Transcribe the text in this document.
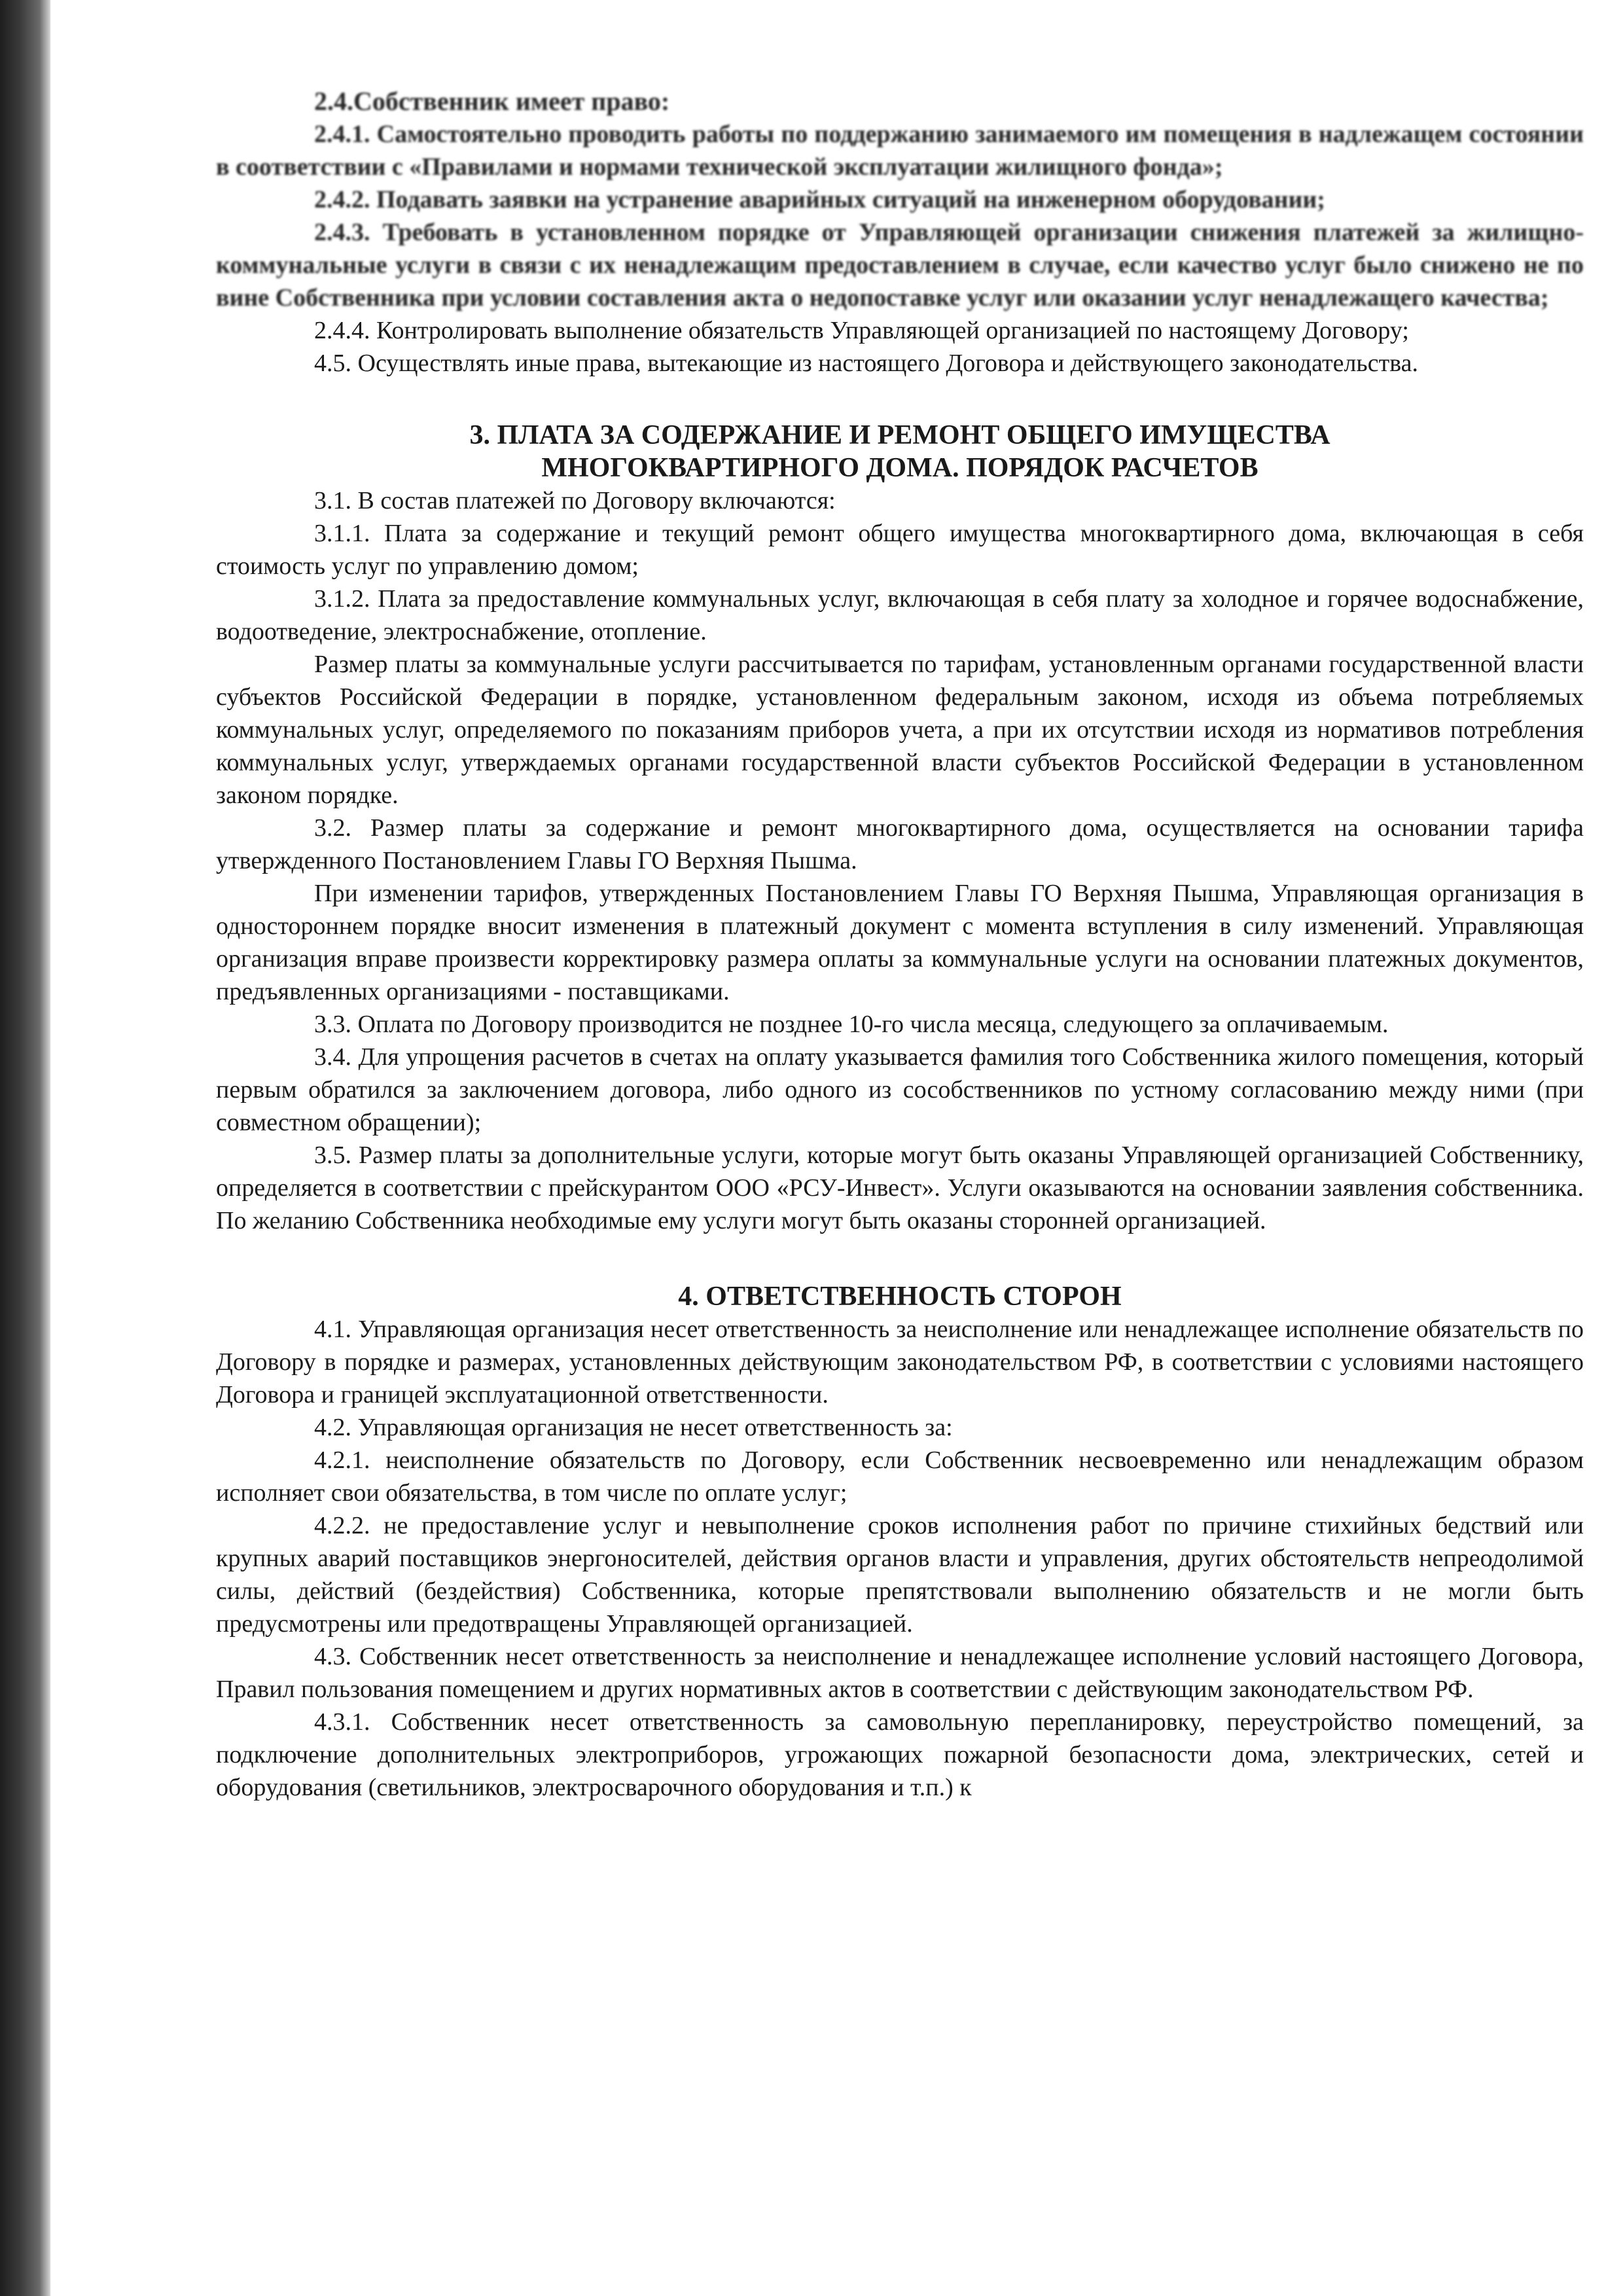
2.4.Собственник имеет право:

2.4.1. Самостоятельно проводить работы по поддержанию занимаемого им помещения в надлежащем состоянии в соответствии с «Правилами и нормами технической эксплуатации жилищного фонда»;

2.4.2. Подавать заявки на устранение аварийных ситуаций на инженерном оборудовании;

2.4.3. Требовать в установленном порядке от Управляющей организации снижения платежей за жилищно-коммунальные услуги в связи с их ненадлежащим предоставлением в случае, если качество услуг было снижено не по вине Собственника при условии составления акта о недопоставке услуг или оказании услуг ненадлежащего качества;

2.4.4. Контролировать выполнение обязательств Управляющей организацией по настоящему Договору;

4.5. Осуществлять иные права, вытекающие из настоящего Договора и действующего законодательства.

3. ПЛАТА ЗА СОДЕРЖАНИЕ И РЕМОНТ ОБЩЕГО ИМУЩЕСТВА
МНОГОКВАРТИРНОГО ДОМА. ПОРЯДОК РАСЧЕТОВ

3.1. В состав платежей по Договору включаются:

3.1.1. Плата за содержание и текущий ремонт общего имущества многоквартирного дома, включающая в себя стоимость услуг по управлению домом;

3.1.2. Плата за предоставление коммунальных услуг, включающая в себя плату за холодное и горячее водоснабжение, водоотведение, электроснабжение, отопление.

Размер платы за коммунальные услуги рассчитывается по тарифам, установленным органами государственной власти субъектов Российской Федерации в порядке, установленном федеральным законом, исходя из объема потребляемых коммунальных услуг, определяемого по показаниям приборов учета, а при их отсутствии исходя из нормативов потребления коммунальных услуг, утверждаемых органами государственной власти субъектов Российской Федерации в установленном законом порядке.

3.2. Размер платы за содержание и ремонт многоквартирного дома, осуществляется на основании тарифа утвержденного Постановлением Главы ГО Верхняя Пышма.

При изменении тарифов, утвержденных Постановлением Главы ГО Верхняя Пышма, Управляющая организация в одностороннем порядке вносит изменения в платежный документ с момента вступления в силу изменений. Управляющая организация вправе произвести корректировку размера оплаты за коммунальные услуги на основании платежных документов, предъявленных организациями - поставщиками.

3.3. Оплата по Договору производится не позднее 10-го числа месяца, следующего за оплачиваемым.

3.4. Для упрощения расчетов в счетах на оплату указывается фамилия того Собственника жилого помещения, который первым обратился за заключением договора, либо одного из сособственников по устному согласованию между ними (при совместном обращении);

3.5. Размер платы за дополнительные услуги, которые могут быть оказаны Управляющей организацией Собственнику, определяется в соответствии с прейскурантом ООО «РСУ-Инвест». Услуги оказываются на основании заявления собственника. По желанию Собственника необходимые ему услуги могут быть оказаны сторонней организацией.

4. ОТВЕТСТВЕННОСТЬ СТОРОН

4.1. Управляющая организация несет ответственность за неисполнение или ненадлежащее исполнение обязательств по Договору в порядке и размерах, установленных действующим законодательством РФ, в соответствии с условиями настоящего Договора и границей эксплуатационной ответственности.

4.2. Управляющая организация не несет ответственность за:

4.2.1. неисполнение обязательств по Договору, если Собственник несвоевременно или ненадлежащим образом исполняет свои обязательства, в том числе по оплате услуг;

4.2.2. не предоставление услуг и невыполнение сроков исполнения работ по причине стихийных бедствий или крупных аварий поставщиков энергоносителей, действия органов власти и управления, других обстоятельств непреодолимой силы, действий (бездействия) Собственника, которые препятствовали выполнению обязательств и не могли быть предусмотрены или предотвращены Управляющей организацией.

4.3. Собственник несет ответственность за неисполнение и ненадлежащее исполнение условий настоящего Договора, Правил пользования помещением и других нормативных актов в соответствии с действующим законодательством РФ.

4.3.1. Собственник несет ответственность за самовольную перепланировку, переустройство помещений, за подключение дополнительных электроприборов, угрожающих пожарной безопасности дома, электрических, сетей и оборудования (светильников, электросварочного оборудования и т.п.) к
